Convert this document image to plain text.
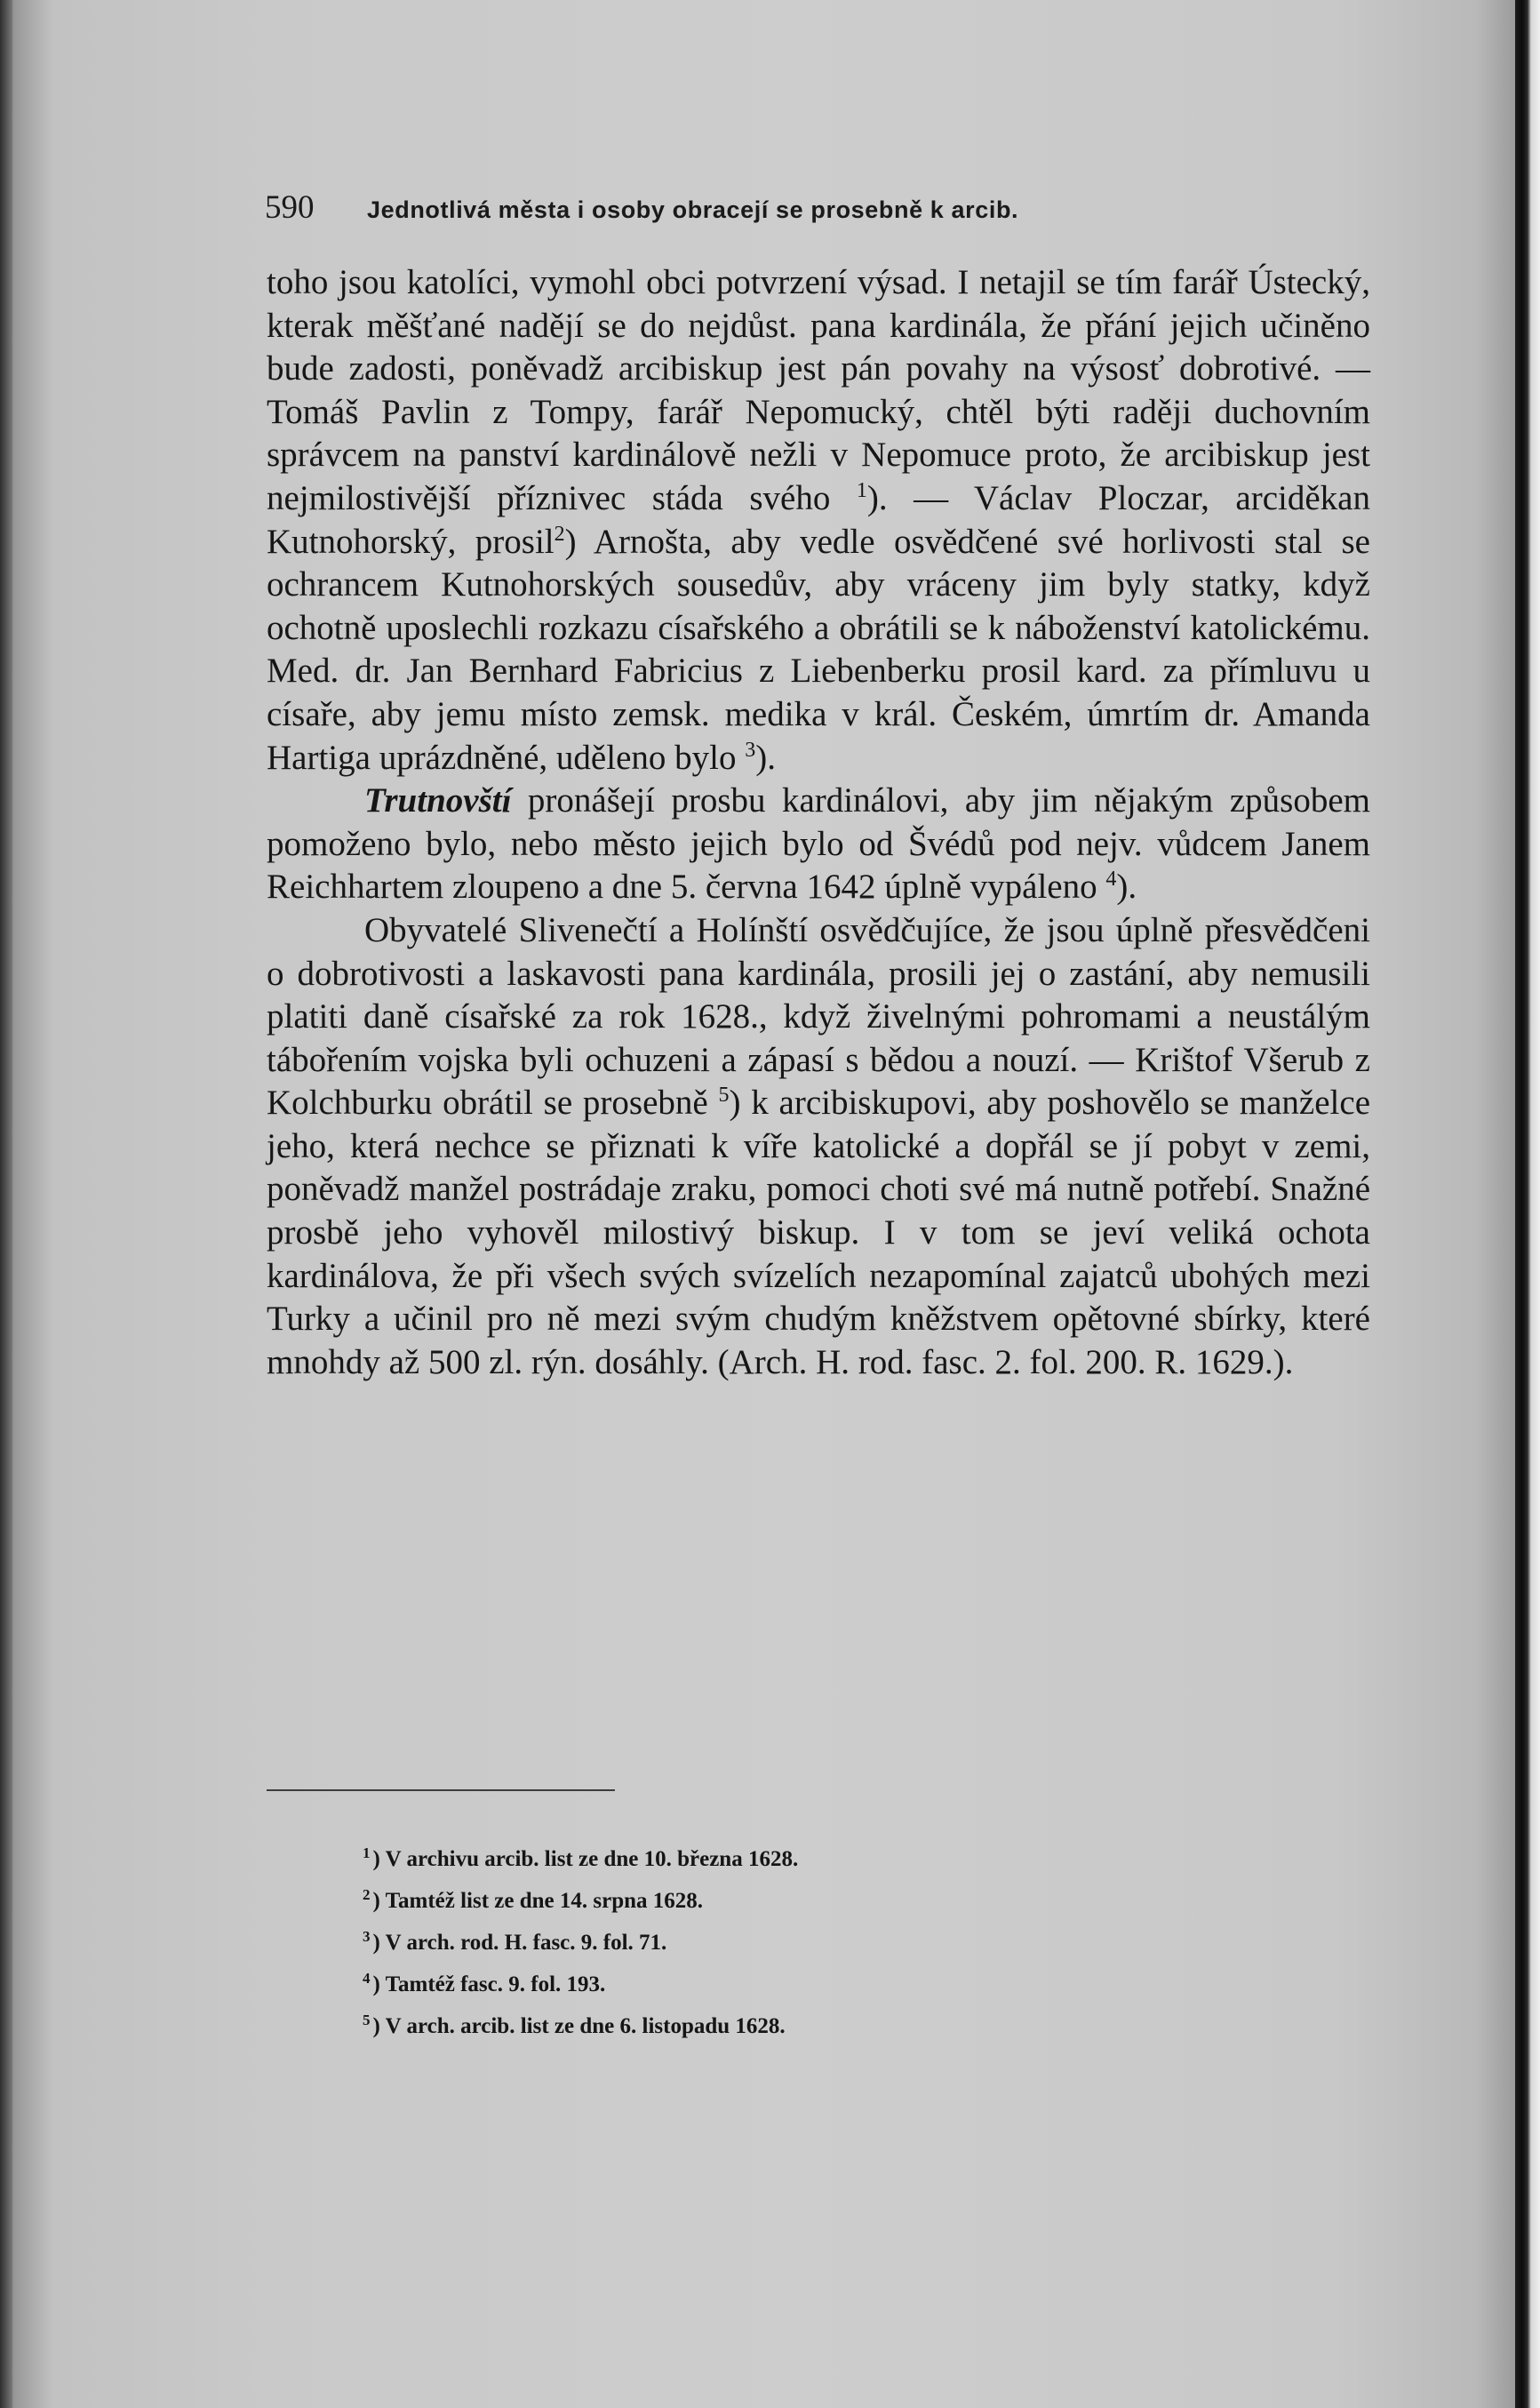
590	Jednotlivá města i osoby obracejí se prosebně k arcib.

toho jsou katolíci, vymohl obci potvrzení výsad. I netajil se tím farář Ústecký, kterak měšťané nadějí se do nejdůst. pana kardinála, že přání jejich učiněno bude zadosti, poněvadž arcibiskup jest pán povahy na výsosť dobrotivé. — Tomáš Pavlin z Tompy, farář Nepomucký, chtěl býti raději duchovním správcem na panství kardinálově nežli v Nepomuce proto, že arcibiskup jest nejmilostivější příznivec stáda svého $^1$). — Václav Ploczar, arciděkan Kutnohorský, prosil$^2$) Arnošta, aby vedle osvědčené své horlivosti stal se ochrancem Kutnohorských sousedův, aby vráceny jim byly statky, když ochotně uposlechli rozkazu císařského a obrátili se k náboženství katolickému. Med. dr. Jan Bernhard Fabricius z Liebenberku prosil kard. za přímluvu u císaře, aby jemu místo zemsk. medika v král. Českém, úmrtím dr. Amanda Hartiga uprázdněné, uděleno bylo $^3$).

Trutnovští pronášejí prosbu kardinálovi, aby jim nějakým způsobem pomoženo bylo, nebo město jejich bylo od Švédů pod nejv. vůdcem Janem Reichhartem zloupeno a dne 5. června 1642 úplně vypáleno $^4$).

Obyvatelé Slivenečtí a Holínští osvědčujíce, že jsou úplně přesvědčeni o dobrotivosti a laskavosti pana kardinála, prosili jej o zastání, aby nemusili platiti daně císařské za rok 1628., když živelnými pohromami a neustálým tábořením vojska byli ochuzeni a zápasí s bědou a nouzí. — Krištof Všerub z Kolchburku obrátil se prosebně $^5$) k arcibiskupovi, aby poshovělo se manželce jeho, která nechce se přiznati k víře katolické a dopřál se jí pobyt v zemi, poněvadž manžel postrádaje zraku, pomoci choti své má nutně potřebí. Snažné prosbě jeho vyhověl milostivý biskup. I v tom se jeví veliká ochota kardinálova, že při všech svých svízelích nezapomínal zajatců ubohých mezi Turky a učinil pro ně mezi svým chudým kněžstvem opětovné sbírky, které mnohdy až 500 zl. rýn. dosáhly. (Arch. H. rod. fasc. 2. fol. 200. R. 1629.).

$^1$ ) V archivu arcib. list ze dne 10. března 1628.
$^2$ ) Tamtéž list ze dne 14. srpna 1628.
$^3$ ) V arch. rod. H. fasc. 9. fol. 71.
$^4$ ) Tamtéž fasc. 9. fol. 193.
$^5$ ) V arch. arcib. list ze dne 6. listopadu 1628.
